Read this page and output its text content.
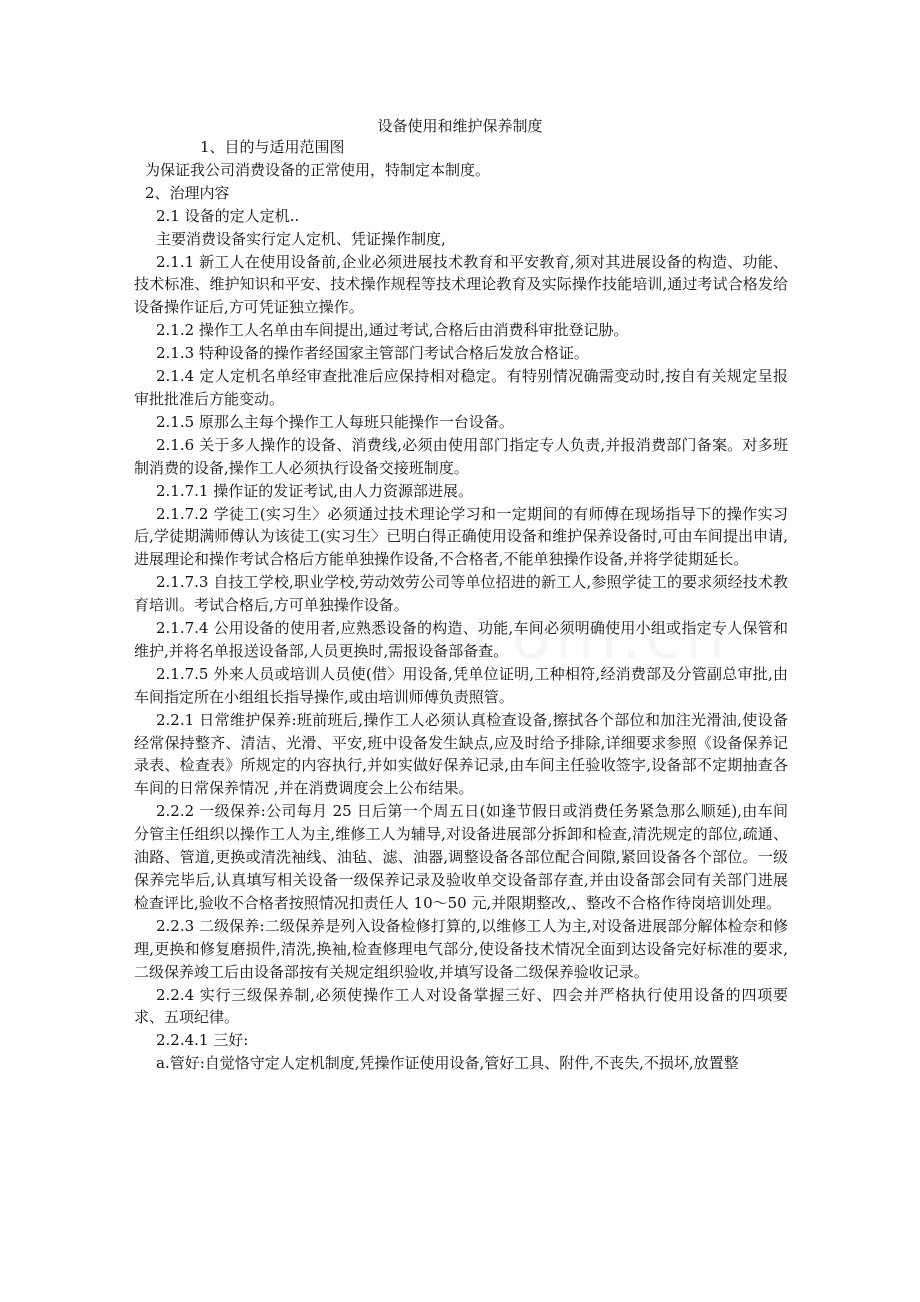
设备使用和维护保养制度

1、目的与适用范围图

为保证我公司消费设备的正常使用，特制定本制度。

2、治理内容

2.1 设备的定人定机..

主要消费设备实行定人定机、凭证操作制度,

2.1.1 新工人在使用设备前,企业必须进展技术教育和平安教育,须对其进展设备的构造、功能、技术标准、维护知识和平安、技术操作规程等技术理论教育及实际操作技能培训,通过考试合格发给设备操作证后,方可凭证独立操作。

2.1.2 操作工人名单由车间提出,通过考试,合格后由消费科审批登记胁。

2.1.3 特种设备的操作者经国家主管部门考试合格后发放合格证。

2.1.4 定人定机名单经审查批准后应保持相对稳定。有特别情况确需变动时,按自有关规定呈报审批批准后方能变动。

2.1.5 原那么主每个操作工人每班只能操作一台设备。

2.1.6 关于多人操作的设备、消费线,必须由使用部门指定专人负责,并报消费部门备案。对多班制消费的设备,操作工人必须执行设备交接班制度。

2.1.7.1 操作证的发证考试,由人力资源部进展。

2.1.7.2 学徒工(实习生〉必须通过技术理论学习和一定期间的有师傅在现场指导下的操作实习后,学徒期满师傅认为该徒工(实习生〉已明白得正确使用设备和维护保养设备时,可由车间提出申请,进展理论和操作考试合格后方能单独操作设备,不合格者,不能单独操作设备,并将学徒期延长。

2.1.7.3 自技工学校,职业学校,劳动效劳公司等单位招进的新工人,参照学徒工的要求须经技术教育培训。考试合格后,方可单独操作设备。

2.1.7.4 公用设备的使用者,应熟悉设备的构造、功能,车间必须明确使用小组或指定专人保管和维护,并将名单报送设备部,人员更换时,需报设备部备查。

2.1.7.5 外来人员或培训人员使(借〉用设备,凭单位证明,工种相符,经消费部及分管副总审批,由车间指定所在小组组长指导操作,或由培训师傅负责照管。

2.2.1 日常维护保养:班前班后,操作工人必须认真检查设备,擦拭各个部位和加注光滑油,使设备经常保持整齐、清洁、光滑、平安,班中设备发生缺点,应及时给予排除,详细要求参照《设备保养记录表、检查表》所规定的内容执行,并如实做好保养记录,由车间主任验收签字,设备部不定期抽查各车间的日常保养情况 ,并在消费调度会上公布结果。

2.2.2 一级保养:公司每月 25 日后第一个周五日(如逢节假日或消费任务紧急那么顺延),由车间分管主任组织以操作工人为主,维修工人为辅导,对设备进展部分拆卸和检查,清洗规定的部位,疏通、油路、管道,更换或清洗袖线、油毡、滤、油器,调整设备各部位配合间隙,紧回设备各个部位。一级保养完毕后,认真填写相关设备一级保养记录及验收单交设备部存查,并由设备部会同有关部门进展检查评比,验收不合格者按照情况扣责任人 10～50 元,并限期整改,、整改不合格作待岗培训处理。

2.2.3 二级保养:二级保养是列入设备检修打算的,以维修工人为主,对设备进展部分解体检奈和修理,更换和修复磨损件,清洗,换袖,检查修理电气部分,使设备技术情况全面到达设备完好标准的要求,二级保养竣工后由设备部按有关规定组织验收,并填写设备二级保养验收记录。

2.2.4 实行三级保养制,必须使操作工人对设备掌握三好、四会并严格执行使用设备的四项要求、五项纪律。

2.2.4.1 三好:

a.管好:自觉恪守定人定机制度,凭操作证使用设备,管好工具、附件,不丧失,不损坏,放置整
